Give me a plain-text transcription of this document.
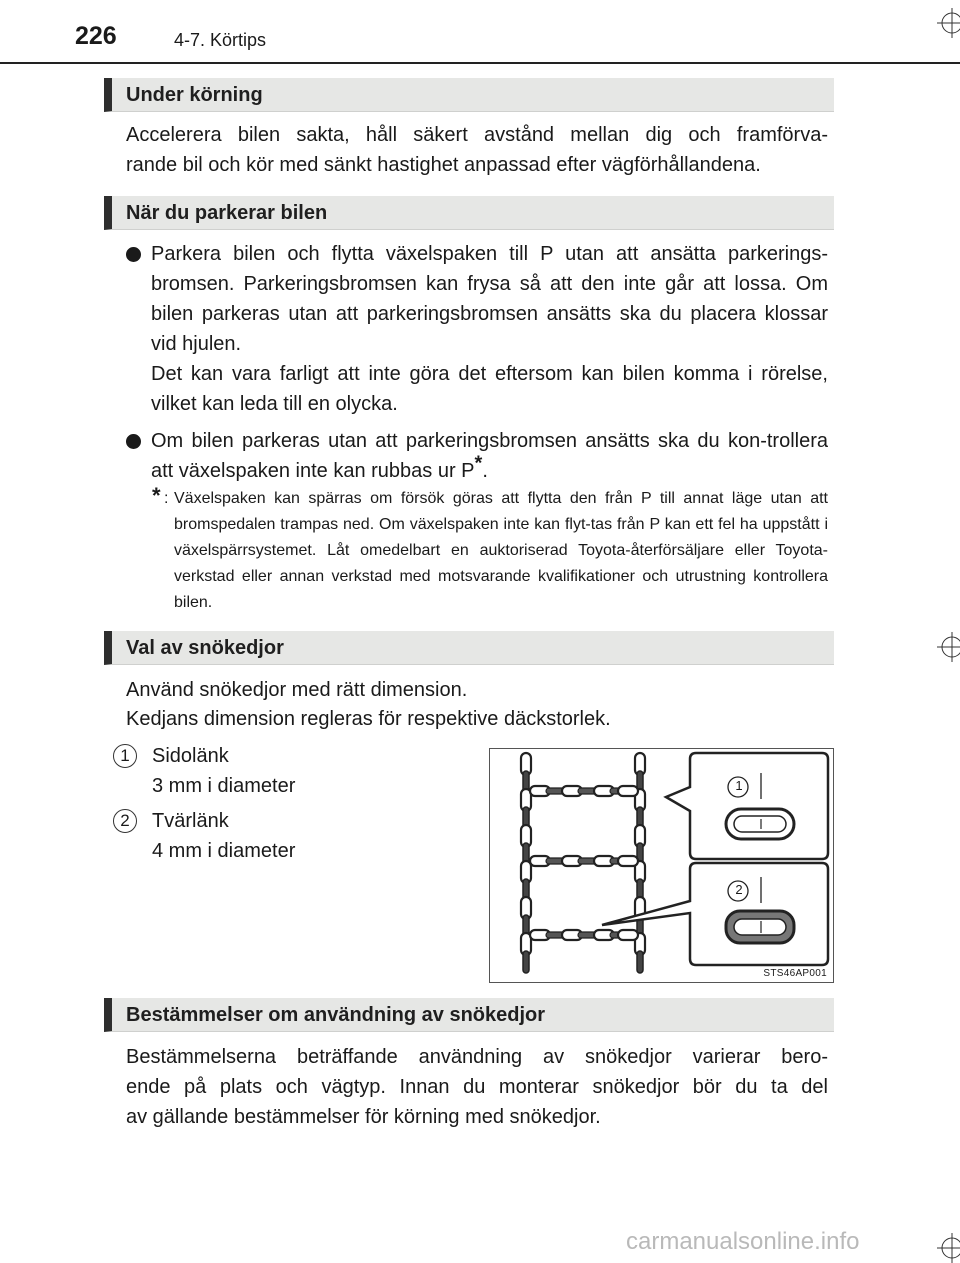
226	4-7. Körtips
Under körning
Accelerera bilen sakta, håll säkert avstånd mellan dig och framförva-
rande bil och kör med sänkt hastighet anpassad efter vägförhållandena.
När du parkerar bilen

Parkera bilen och flytta växelspaken till P utan att ansätta parkerings-bromsen. Parkeringsbromsen kan frysa så att den inte går att lossa. Om bilen parkeras utan att parkeringsbromsen ansätts ska du placera klossar vid hjulen.

Det kan vara farligt att inte göra det eftersom kan bilen komma i rörelse, vilket kan leda till en olycka.

Om bilen parkeras utan att parkeringsbromsen ansätts ska du kon-trollera att växelspaken inte kan rubbas ur P*.
* : Växelspaken kan spärras om försök göras att flytta den från P till annat läge utan att bromspedalen trampas ned. Om växelspaken inte kan flyt-tas från P kan ett fel ha uppstått i växelspärrsystemet. Låt omedelbart en auktoriserad Toyota-återförsäljare eller Toyota-verkstad eller annan verkstad med motsvarande kvalifikationer och utrustning kontrollera bilen.
Val av snökedjor
Använd snökedjor med rätt dimension.
Kedjans dimension regleras för respektive däckstorlek.
1	Sidolänk
3 mm i diameter
2	Tvärlänk
4 mm i diameter
1
2
STS46AP001
Bestämmelser om användning av snökedjor
Bestämmelserna beträffande användning av snökedjor varierar bero-
ende på plats och vägtyp. Innan du monterar snökedjor bör du ta del
av gällande bestämmelser för körning med snökedjor.
carmanualsonline.info
